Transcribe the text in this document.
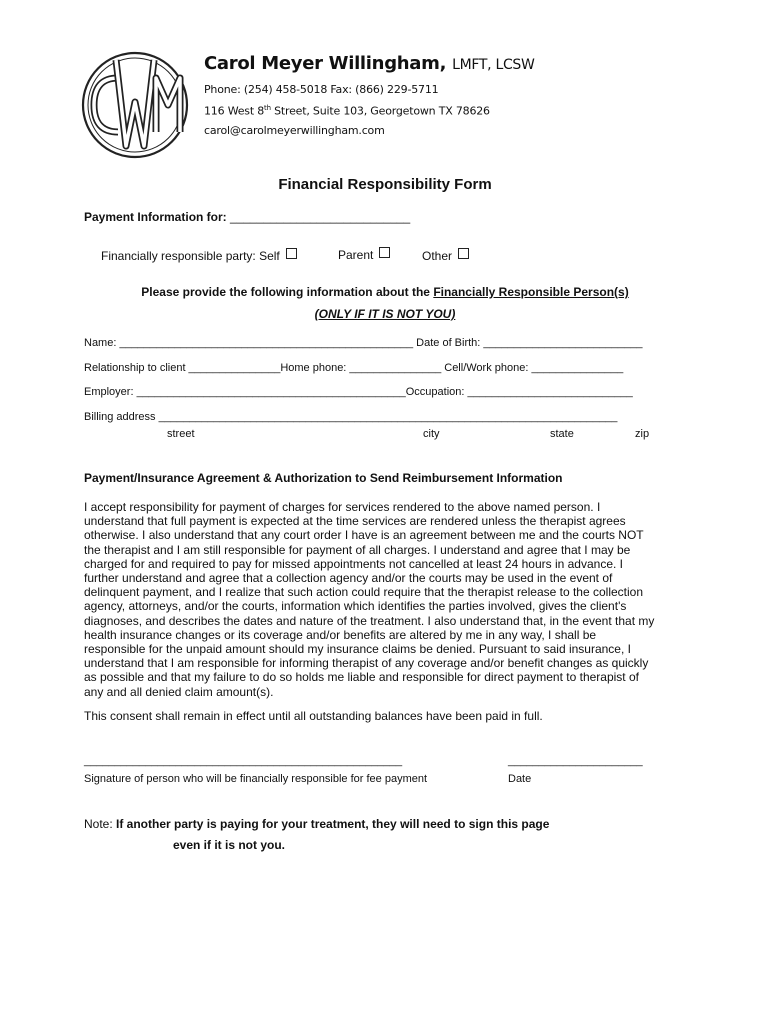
Carol Meyer Willingham, LMFT, LCSW
Phone: (254) 458-5018 Fax: (866) 229-5711
116 West 8th Street, Suite 103, Georgetown TX 78626
carol@carolmeyerwillingham.com
Financial Responsibility Form
Payment Information for: ___________________________
Financially responsible party: Self	Parent	Other
Please provide the following information about the Financially Responsible Person(s)
(ONLY IF IT IS NOT YOU)
Name: ________________________________________________ Date of Birth: __________________________
Relationship to client _______________Home phone: _______________ Cell/Work phone: _______________
Employer: ____________________________________________Occupation: ___________________________
Billing address ___________________________________________________________________________
street	city	state	zip
Payment/Insurance Agreement & Authorization to Send Reimbursement Information
I accept responsibility for payment of charges for services rendered to the above named person. I
understand that full payment is expected at the time services are rendered unless the therapist agrees
otherwise. I also understand that any court order I have is an agreement between me and the courts NOT
the therapist and I am still responsible for payment of all charges. I understand and agree that I may be
charged for and required to pay for missed appointments not cancelled at least 24 hours in advance. I
further understand and agree that a collection agency and/or the courts may be used in the event of
delinquent payment, and I realize that such action could require that the therapist release to the collection
agency, attorneys, and/or the courts, information which identifies the parties involved, gives the client's
diagnoses, and describes the dates and nature of the treatment. I also understand that, in the event that my
health insurance changes or its coverage and/or benefits are altered by me in any way, I shall be
responsible for the unpaid amount should my insurance claims be denied. Pursuant to said insurance, I
understand that I am responsible for informing therapist of any coverage and/or benefit changes as quickly
as possible and that my failure to do so holds me liable and responsible for direct payment to therapist of
any and all denied claim amount(s).
This consent shall remain in effect until all outstanding balances have been paid in full.
____________________________________________________	______________________
Signature of person who will be financially responsible for fee payment	Date
Note: If another party is paying for your treatment, they will need to sign this page
even if it is not you.
